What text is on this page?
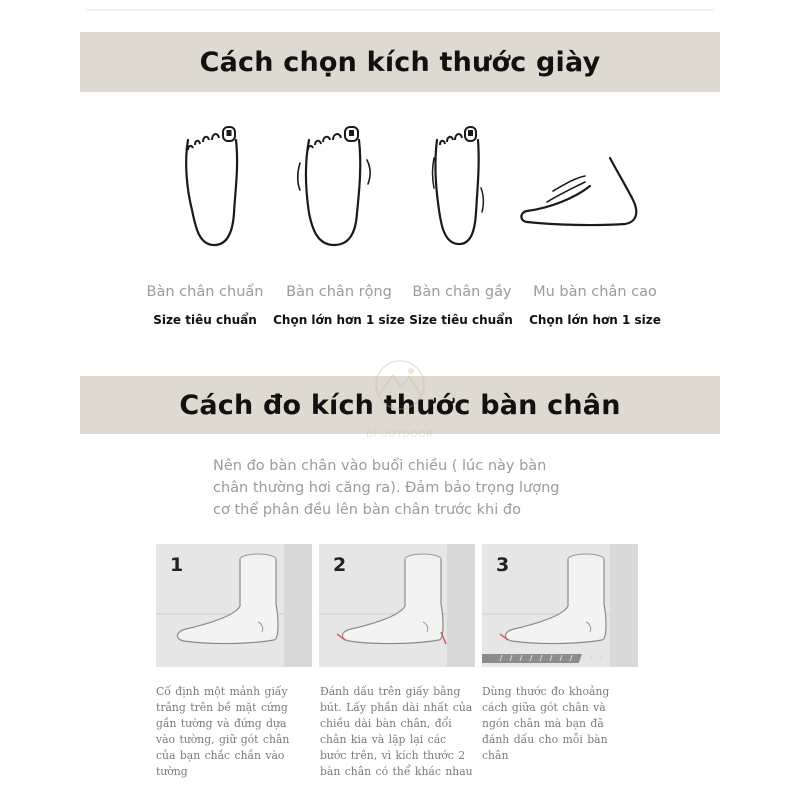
Cách chọn kích thước giày
Bàn chân chuẩn	Bàn chân rộng	Bàn chân gầy	Mu bàn chân cao
Size tiêu chuẩn	Chọn lớn hơn 1 size Size tiêu chuẩn	Chọn lớn hơn 1 size
Cách đo kích thước bàn chân
DĨ OUTDOOR
Nên đo bàn chân vào buổi chiều ( lúc này bàn
chân thường hơi căng ra). Đảm bảo trọng lượng
cơ thể phân đều lên bàn chân trước khi đo
1	2	3
Cố định một mảnh giấy
trắng trên bề mặt cứng
gần tường và đứng dựa
vào tường, giữ gót chân
của bạn chắc chắn vào
tường
Đánh dấu trên giấy bằng
bút. Lấy phần dài nhất của
chiều dài bàn chân, đổi
chân kia và lặp lại các
bước trên, vì kích thước 2
bàn chân có thể khác nhau
Dùng thước đo khoảng
cách giữa gót chân và
ngón chân mà bạn đã
đánh dấu cho mỗi bàn
chân
